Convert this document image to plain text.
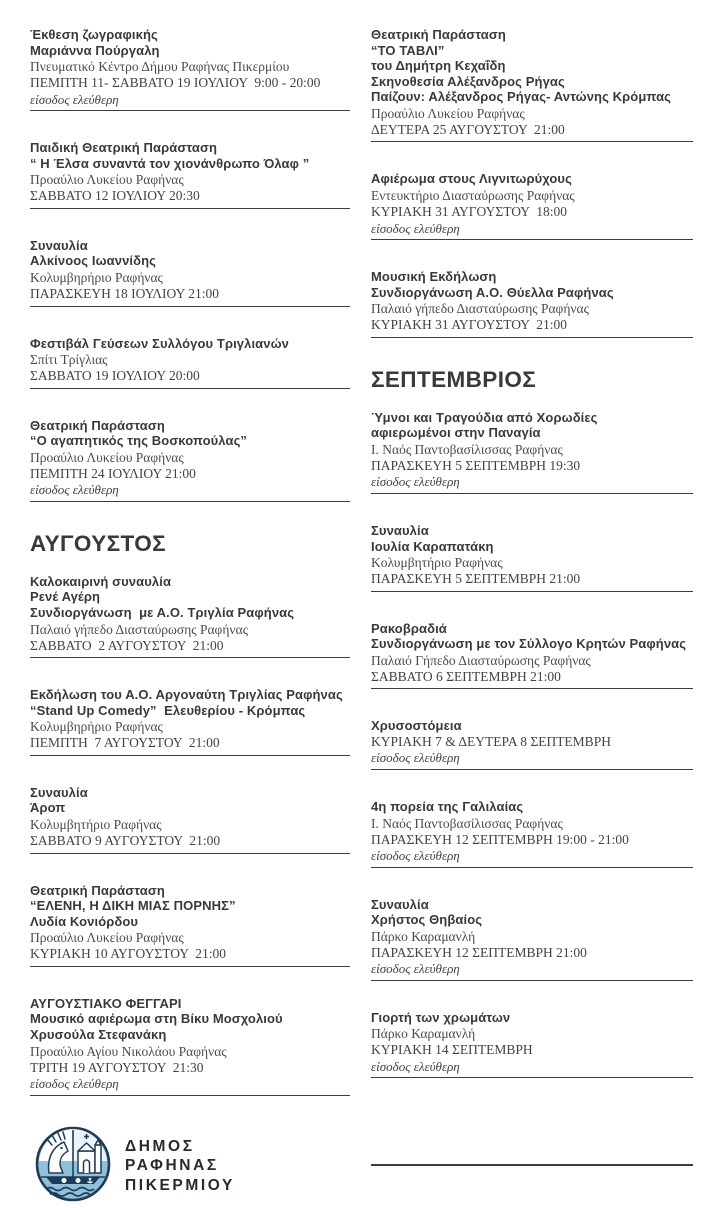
Έκθεση ζωγραφικής
Μαριάννα Πούργαλη
Πνευματικό Κέντρο Δήμου Ραφήνας Πικερμίου
ΠΕΜΠΤΗ 11- ΣΑΒΒΑΤΟ 19 ΙΟΥΛΙΟΥ  9:00 - 20:00
είσοδος ελεύθερη
Παιδική Θεατρική Παράσταση
“ Η Έλσα συναντά τον χιονάνθρωπο Όλαφ ”
Προαύλιο Λυκείου Ραφήνας
ΣΑΒΒΑΤΟ 12 ΙΟΥΛΙΟΥ 20:30
Συναυλία
Αλκίνοος Ιωαννίδης
Κολυμβηρήριο Ραφήνας
ΠΑΡΑΣΚΕΥΗ 18 ΙΟΥΛΙΟΥ 21:00
Φεστιβάλ Γεύσεων Συλλόγου Τριγλιανών
Σπίτι Τρίγλιας
ΣΑΒΒΑΤΟ 19 ΙΟΥΛΙΟΥ 20:00
Θεατρική Παράσταση
“Ο αγαπητικός της Βοσκοπούλας”
Προαύλιο Λυκείου Ραφήνας
ΠΕΜΠΤΗ 24 ΙΟΥΛΙΟΥ 21:00
είσοδος ελεύθερη
ΑΥΓΟΥΣΤΟΣ
Καλοκαιρινή συναυλία
Ρενέ Αγέρη
Συνδιοργάνωση  με Α.Ο. Τριγλία Ραφήνας
Παλαιό γήπεδο Διασταύρωσης Ραφήνας
ΣΑΒΒΑΤΟ  2 ΑΥΓΟΥΣΤΟΥ  21:00
Εκδήλωση του Α.Ο. Αργοναύτη Τριγλίας Ραφήνας
“Stand Up Comedy”  Ελευθερίου - Κρόμπας
Κολυμβηρήριο Ραφήνας
ΠΕΜΠΤΗ  7 ΑΥΓΟΥΣΤΟΥ  21:00
Συναυλία
Άροπ
Κολυμβητήριο Ραφήνας
ΣΑΒΒΑΤΟ 9 ΑΥΓΟΥΣΤΟΥ  21:00
Θεατρική Παράσταση
“ΕΛΕΝΗ, Η ΔΙΚΗ ΜΙΑΣ ΠΟΡΝΗΣ”
Λυδία Κονιόρδου
Προαύλιο Λυκείου Ραφήνας
ΚΥΡΙΑΚΗ 10 ΑΥΓΟΥΣΤΟΥ  21:00
ΑΥΓΟΥΣΤΙΑΚΟ ΦΕΓΓΑΡΙ
Μουσικό αφιέρωμα στη Βίκυ Μοσχολιού
Χρυσούλα Στεφανάκη
Προαύλιο Αγίου Νικολάου Ραφήνας
ΤΡΙΤΗ 19 ΑΥΓΟΥΣΤΟΥ  21:30
είσοδος ελεύθερη
ΔΗΜΟΣ
ΡΑΦΗΝΑΣ
ΠΙΚΕΡΜΙΟΥ
Θεατρική Παράσταση
“ΤΟ ΤΑΒΛΙ”
του Δημήτρη Κεχαΐδη
Σκηνοθεσία Αλέξανδρος Ρήγας
Παίζουν: Αλέξανδρος Ρήγας- Αντώνης Κρόμπας
Προαύλιο Λυκείου Ραφήνας
ΔΕΥΤΕΡΑ 25 ΑΥΓΟΥΣΤΟΥ  21:00
Αφιέρωμα στους Λιγνιτωρύχους
Εντευκτήριο Διασταύρωσης Ραφήνας
ΚΥΡΙΑΚΗ 31 ΑΥΓΟΥΣΤΟΥ  18:00
είσοδος ελεύθερη
Μουσική Εκδήλωση
Συνδιοργάνωση Α.Ο. Θύελλα Ραφήνας
Παλαιό γήπεδο Διασταύρωσης Ραφήνας
ΚΥΡΙΑΚΗ 31 ΑΥΓΟΥΣΤΟΥ  21:00
ΣΕΠΤΕΜΒΡΙΟΣ
Ύμνοι και Τραγούδια από Χορωδίες
αφιερωμένοι στην Παναγία
Ι. Ναός Παντοβασίλισσας Ραφήνας
ΠΑΡΑΣΚΕΥΗ 5 ΣΕΠΤΕΜΒΡΗ 19:30
είσοδος ελεύθερη
Συναυλία
Ιουλία Καραπατάκη
Κολυμβητήριο Ραφήνας
ΠΑΡΑΣΚΕΥΗ 5 ΣΕΠΤΕΜΒΡΗ 21:00
Ρακοβραδιά
Συνδιοργάνωση με τον Σύλλογο Κρητών Ραφήνας
Παλαιό Γήπεδο Διασταύρωσης Ραφήνας
ΣΑΒΒΑΤΟ 6 ΣΕΠΤΕΜΒΡΗ 21:00
Χρυσοστόμεια
ΚΥΡΙΑΚΗ 7 & ΔΕΥΤΕΡΑ 8 ΣΕΠΤΕΜΒΡΗ
είσοδος ελεύθερη
4η πορεία της Γαλιλαίας
Ι. Ναός Παντοβασίλισσας Ραφήνας
ΠΑΡΑΣΚΕΥΗ 12 ΣΕΠΤΕΜΒΡΗ 19:00 - 21:00
είσοδος ελεύθερη
Συναυλία
Χρήστος Θηβαίος
Πάρκο Καραμανλή
ΠΑΡΑΣΚΕΥΗ 12 ΣΕΠΤΕΜΒΡΗ 21:00
είσοδος ελεύθερη
Γιορτή των χρωμάτων
Πάρκο Καραμανλή
ΚΥΡΙΑΚΗ 14 ΣΕΠΤΕΜΒΡΗ
είσοδος ελεύθερη
